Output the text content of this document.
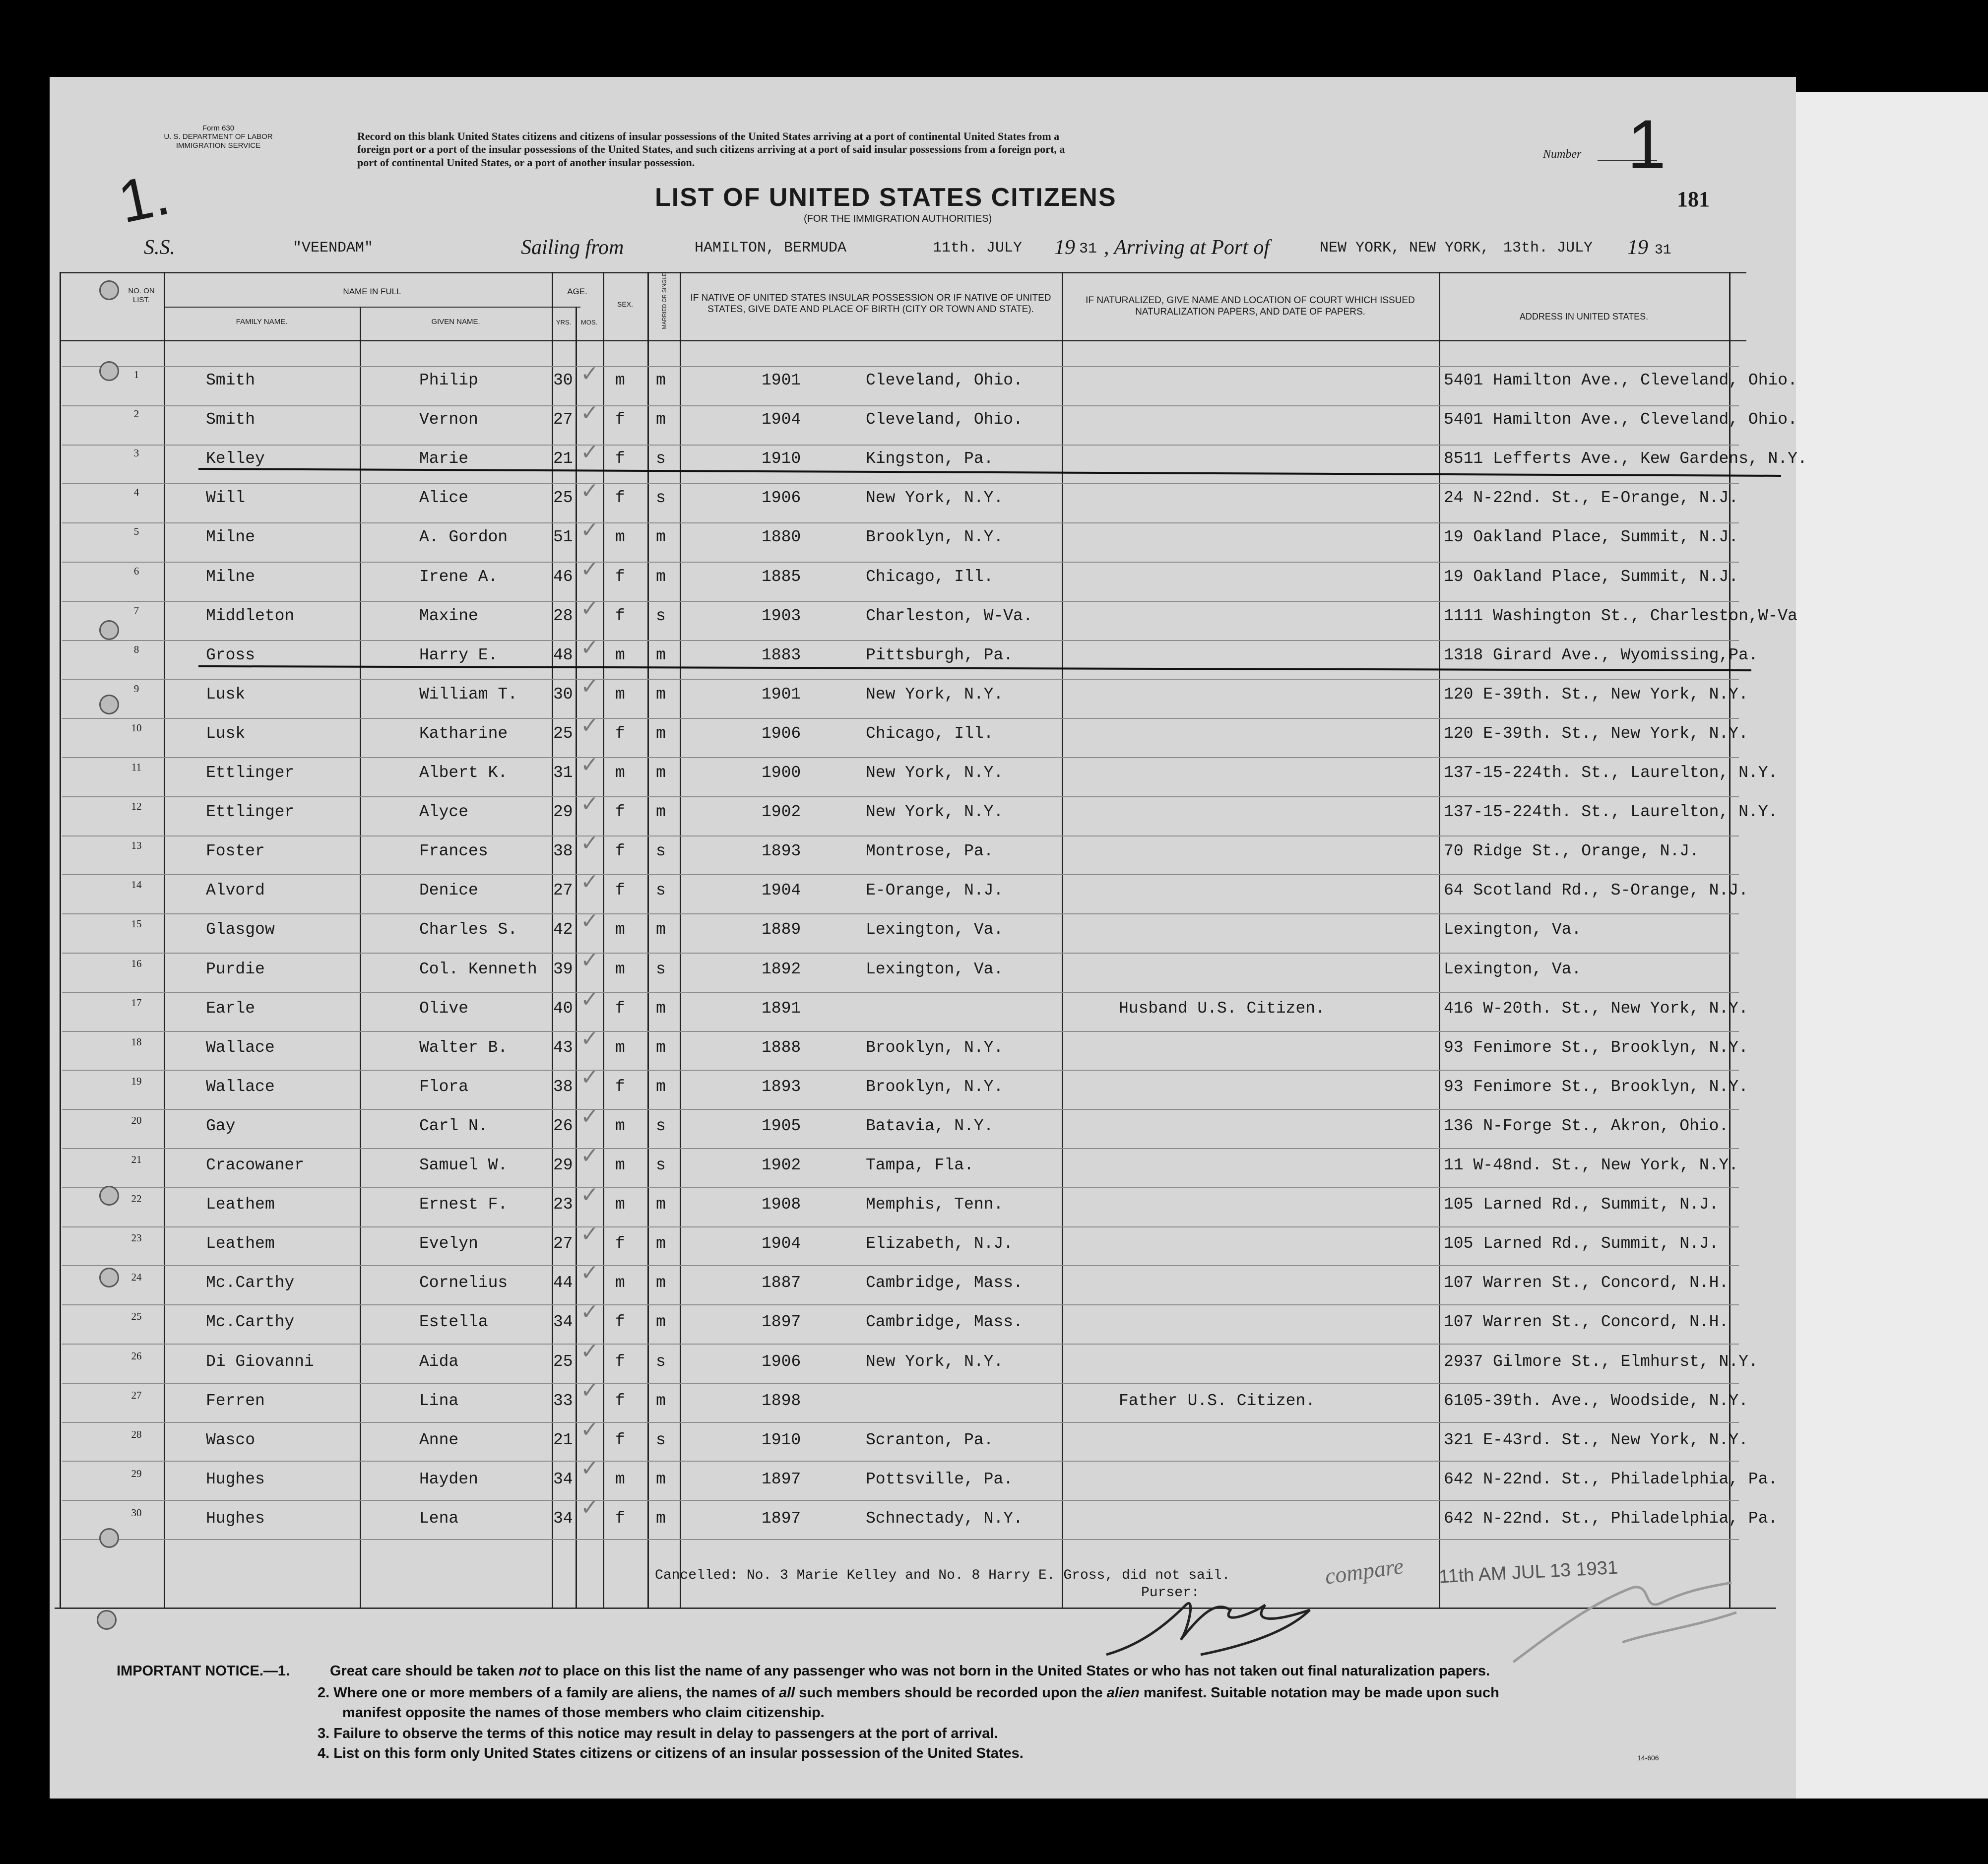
Form 630
U. S. DEPARTMENT OF LABOR
IMMIGRATION SERVICE
1.
Record on this blank United States citizens and citizens of insular possessions of the United States arriving at a port of continental United States from a
foreign port or a port of the insular possessions of the United States, and such citizens arriving at a port of said insular possessions from a foreign port, a
port of continental United States, or a port of another insular possession.
Number 1
LIST OF UNITED STATES CITIZENS
(FOR THE IMMIGRATION AUTHORITIES)
181
S.S.	"VEENDAM"	Sailing from	HAMILTON, BERMUDA	11th. JULY 19 31 , Arriving at Port of	NEW YORK, NEW YORK, 13th. JULY 19 31
NO. ON LIST.
NAME IN FULL
FAMILY NAME.	GIVEN NAME.
AGE.
YRS.	MOS.
SEX.	MARRIED OR SINGLE	IF NATIVE OF UNITED STATES INSULAR POSSESSION OR IF NATIVE OF UNITED STATES, GIVE DATE AND PLACE OF BIRTH (CITY OR TOWN AND STATE).
IF NATURALIZED, GIVE NAME AND LOCATION OF COURT WHICH ISSUED NATURALIZATION PAPERS, AND DATE OF PAPERS.	ADDRESS IN UNITED STATES.
1	Smith	Philip	30	m m	1901	Cleveland, Ohio.	5401 Hamilton Ave., Cleveland, Ohio.
✓
2	Smith	Vernon	27	f m	1904	Cleveland, Ohio.	5401 Hamilton Ave., Cleveland, Ohio.
✓
3	Kelley	Marie	21	f s	1910	Kingston, Pa.	8511 Lefferts Ave., Kew Gardens, N.Y.
✓
4	Will	Alice	25	f s	1906	New York, N.Y.	24 N-22nd. St., E-Orange, N.J.
✓
5	Milne	A. Gordon	51	m m	1880	Brooklyn, N.Y.	19 Oakland Place, Summit, N.J.
✓
6	Milne	Irene A.	46	f m	1885	Chicago, Ill.	19 Oakland Place, Summit, N.J.
✓
7	Middleton	Maxine	28	f s	1903	Charleston, W-Va.	1111 Washington St., Charleston,W-Va
✓
8	Gross	Harry E.	48	m m	1883	Pittsburgh, Pa.	1318 Girard Ave., Wyomissing,Pa.
✓
9	Lusk	William T. 30	m m	1901	New York, N.Y.	120 E-39th. St., New York, N.Y.
✓
10	Lusk	Katharine	25	f m	1906	Chicago, Ill.	120 E-39th. St., New York, N.Y.
✓
11	Ettlinger	Albert K.	31	m m	1900	New York, N.Y.	137-15-224th. St., Laurelton, N.Y.
✓
12	Ettlinger	Alyce	29	f m	1902	New York, N.Y.	137-15-224th. St., Laurelton, N.Y.
✓
13	Foster	Frances	38	f s	1893	Montrose, Pa.	70 Ridge St., Orange, N.J.
✓
14	Alvord	Denice	27	f s	1904	E-Orange, N.J.	64 Scotland Rd., S-Orange, N.J.
✓
15	Glasgow	Charles S. 42	m m	1889	Lexington, Va.	Lexington, Va.
✓
16	Purdie	Col. Kenneth 39	m s	1892	Lexington, Va.	Lexington, Va.
✓
17	Earle	Olive	40	f m	1891	Husband U.S. Citizen.	416 W-20th. St., New York, N.Y.
✓
18	Wallace	Walter B.	43	m m	1888	Brooklyn, N.Y.	93 Fenimore St., Brooklyn, N.Y.
✓
19	Wallace	Flora	38	f m	1893	Brooklyn, N.Y.	93 Fenimore St., Brooklyn, N.Y.
✓
20	Gay	Carl N.	26	m s	1905	Batavia, N.Y.	136 N-Forge St., Akron, Ohio.
✓
21	Cracowaner	Samuel W.	29	m s	1902	Tampa, Fla.	11 W-48nd. St., New York, N.Y.
✓
22	Leathem	Ernest F.	23	m m	1908	Memphis, Tenn.	105 Larned Rd., Summit, N.J.
✓
23	Leathem	Evelyn	27	f m	1904	Elizabeth, N.J.	105 Larned Rd., Summit, N.J.
✓
24	Mc.Carthy	Cornelius	44	m m	1887	Cambridge, Mass.	107 Warren St., Concord, N.H.
✓
25	Mc.Carthy	Estella	34	f m	1897	Cambridge, Mass.	107 Warren St., Concord, N.H.
✓
26	Di Giovanni	Aida	25	f s	1906	New York, N.Y.	2937 Gilmore St., Elmhurst, N.Y.
✓
27	Ferren	Lina	33	f m	1898	Father U.S. Citizen.	6105-39th. Ave., Woodside, N.Y.
✓
28	Wasco	Anne	21	f s	1910	Scranton, Pa.	321 E-43rd. St., New York, N.Y.
✓
29	Hughes	Hayden	34	m m	1897	Pottsville, Pa.	642 N-22nd. St., Philadelphia, Pa.
✓
30	Hughes	Lena	34	f m	1897	Schnectady, N.Y.	642 N-22nd. St., Philadelphia, Pa.
✓
Cancelled: No. 3 Marie Kelley and No. 8 Harry E. Gross, did not sail.
Purser:
compare 11th AM JUL 13 1931
IMPORTANT NOTICE.—1.	Great care should be taken not to place on this list the name of any passenger who was not born in the United States or who has not taken out final naturalization papers.
2. Where one or more members of a family are aliens, the names of all such members should be recorded upon the alien manifest. Suitable notation may be made upon such
manifest opposite the names of those members who claim citizenship.
3. Failure to observe the terms of this notice may result in delay to passengers at the port of arrival.
4. List on this form only United States citizens or citizens of an insular possession of the United States.	14-606
